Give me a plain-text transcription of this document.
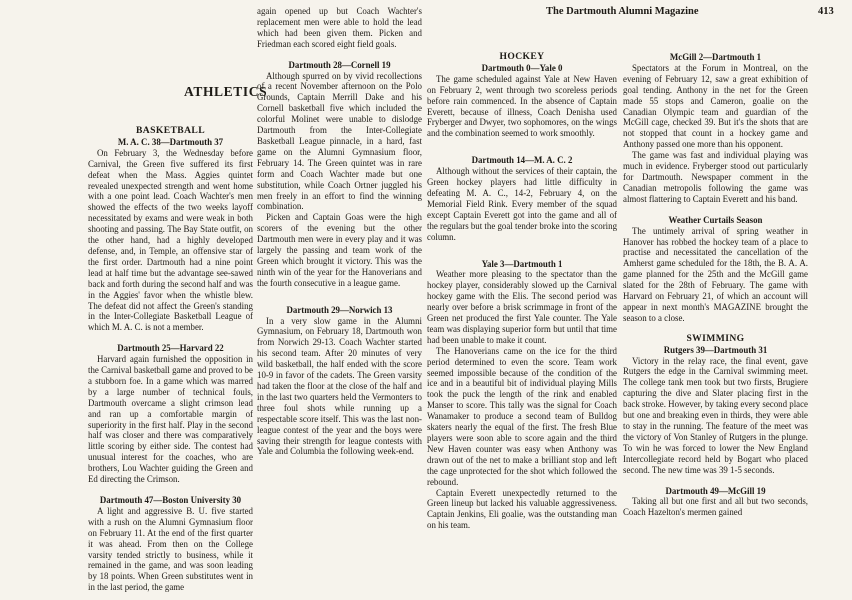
The Dartmouth Alumni Magazine	413
ATHLETICS
BASKETBALL
M. A. C. 38—Dartmouth 37

On February 3, the Wednesday before Carnival, the Green five suffered its first defeat when the Mass. Aggies quintet revealed unexpected strength and went home with a one point lead. Coach Wachter's men showed the effects of the two weeks layoff necessitated by exams and were weak in both shooting and passing. The Bay State outfit, on the other hand, had a highly developed defense, and, in Temple, an offensive star of the first order. Dartmouth had a nine point lead at half time but the advantage see-sawed back and forth during the second half and was in the Aggies' favor when the whistle blew. The defeat did not affect the Green's standing in the Inter-Collegiate Basketball League of which M. A. C. is not a member.

Dartmouth 25—Harvard 22

Harvard again furnished the opposition in the Carnival basketball game and proved to be a stubborn foe. In a game which was marred by a large number of technical fouls, Dartmouth overcame a slight crimson lead and ran up a comfortable margin of superiority in the first half. Play in the second half was closer and there was comparatively little scoring by either side. The contest had unusual interest for the coaches, who are brothers, Lou Wachter guiding the Green and Ed directing the Crimson.

Dartmouth 47—Boston University 30

A light and aggressive B. U. five started with a rush on the Alumni Gymnasium floor on February 11. At the end of the first quarter it was ahead. From then on the College varsity tended strictly to business, while it remained in the game, and was soon leading by 18 points. When Green substitutes went in in the last period, the game

again opened up but Coach Wachter's replacement men were able to hold the lead which had been given them. Picken and Friedman each scored eight field goals.

Dartmouth 28—Cornell 19

Although spurred on by vivid recollections of a recent November afternoon on the Polo Grounds, Captain Merrill Dake and his Cornell basketball five which included the colorful Molinet were unable to dislodge Dartmouth from the Inter-Collegiate Basketball League pinnacle, in a hard, fast game on the Alumni Gymnasium floor, February 14. The Green quintet was in rare form and Coach Wachter made but one substitution, while Coach Ortner juggled his men freely in an effort to find the winning combination.

Picken and Captain Goas were the high scorers of the evening but the other Dartmouth men were in every play and it was largely the passing and team work of the Green which brought it victory. This was the ninth win of the year for the Hanoverians and the fourth consecutive in a league game.

Dartmouth 29—Norwich 13

In a very slow game in the Alumni Gymnasium, on February 18, Dartmouth won from Norwich 29-13. Coach Wachter started his second team. After 20 minutes of very wild basketball, the half ended with the score 10-9 in favor of the cadets. The Green varsity had taken the floor at the close of the half and in the last two quarters held the Vermonters to three foul shots while running up a respectable score itself. This was the last non-league contest of the year and the boys were saving their strength for league contests with Yale and Columbia the following week-end.

HOCKEY
Dartmouth 0—Yale 0

The game scheduled against Yale at New Haven on February 2, went through two scoreless periods before rain commenced. In the absence of Captain Everett, because of illness, Coach Denisha used Fryberger and Dwyer, two sophomores, on the wings and the combination seemed to work smoothly.

Dartmouth 14—M. A. C. 2

Although without the services of their captain, the Green hockey players had little difficulty in defeating M. A. C., 14-2, February 4, on the Memorial Field Rink. Every member of the squad except Captain Everett got into the game and all of the regulars but the goal tender broke into the scoring column.

Yale 3—Dartmouth 1

Weather more pleasing to the spectator than the hockey player, considerably slowed up the Carnival hockey game with the Elis. The second period was nearly over before a brisk scrimmage in front of the Green net produced the first Yale counter. The Yale team was displaying superior form but until that time had been unable to make it count.

The Hanoverians came on the ice for the third period determined to even the score. Team work seemed impossible because of the condition of the ice and in a beautiful bit of individual playing Mills took the puck the length of the rink and enabled Manser to score. This tally was the signal for Coach Wanamaker to produce a second team of Bulldog skaters nearly the equal of the first. The fresh Blue players were soon able to score again and the third New Haven counter was easy when Anthony was drawn out of the net to make a brilliant stop and left the cage unprotected for the shot which followed the rebound.

Captain Everett unexpectedly returned to the Green lineup but lacked his valuable aggressiveness. Captain Jenkins, Eli goalie, was the outstanding man on his team.

McGill 2—Dartmouth 1

Spectators at the Forum in Montreal, on the evening of February 12, saw a great exhibition of goal tending. Anthony in the net for the Green made 55 stops and Cameron, goalie on the Canadian Olympic team and guardian of the McGill cage, checked 39. But it's the shots that are not stopped that count in a hockey game and Anthony passed one more than his opponent.

The game was fast and individual playing was much in evidence. Fryberger stood out particularly for Dartmouth. Newspaper comment in the Canadian metropolis following the game was almost flattering to Captain Everett and his band.

Weather Curtails Season

The untimely arrival of spring weather in Hanover has robbed the hockey team of a place to practise and necessitated the cancellation of the Amherst game scheduled for the 18th, the B. A. A. game planned for the 25th and the McGill game slated for the 28th of February. The game with Harvard on February 21, of which an account will appear in next month's MAGAZINE brought the season to a close.

SWIMMING
Rutgers 39—Dartmouth 31

Victory in the relay race, the final event, gave Rutgers the edge in the Carnival swimming meet. The college tank men took but two firsts, Brugiere capturing the dive and Slater placing first in the back stroke. However, by taking every second place but one and breaking even in thirds, they were able to stay in the running. The feature of the meet was the victory of Von Stanley of Rutgers in the plunge. To win he was forced to lower the New England Intercollegiate record held by Bogart who placed second. The new time was 39 1-5 seconds.

Dartmouth 49—McGill 19

Taking all but one first and all but two seconds, Coach Hazelton's mermen gained
